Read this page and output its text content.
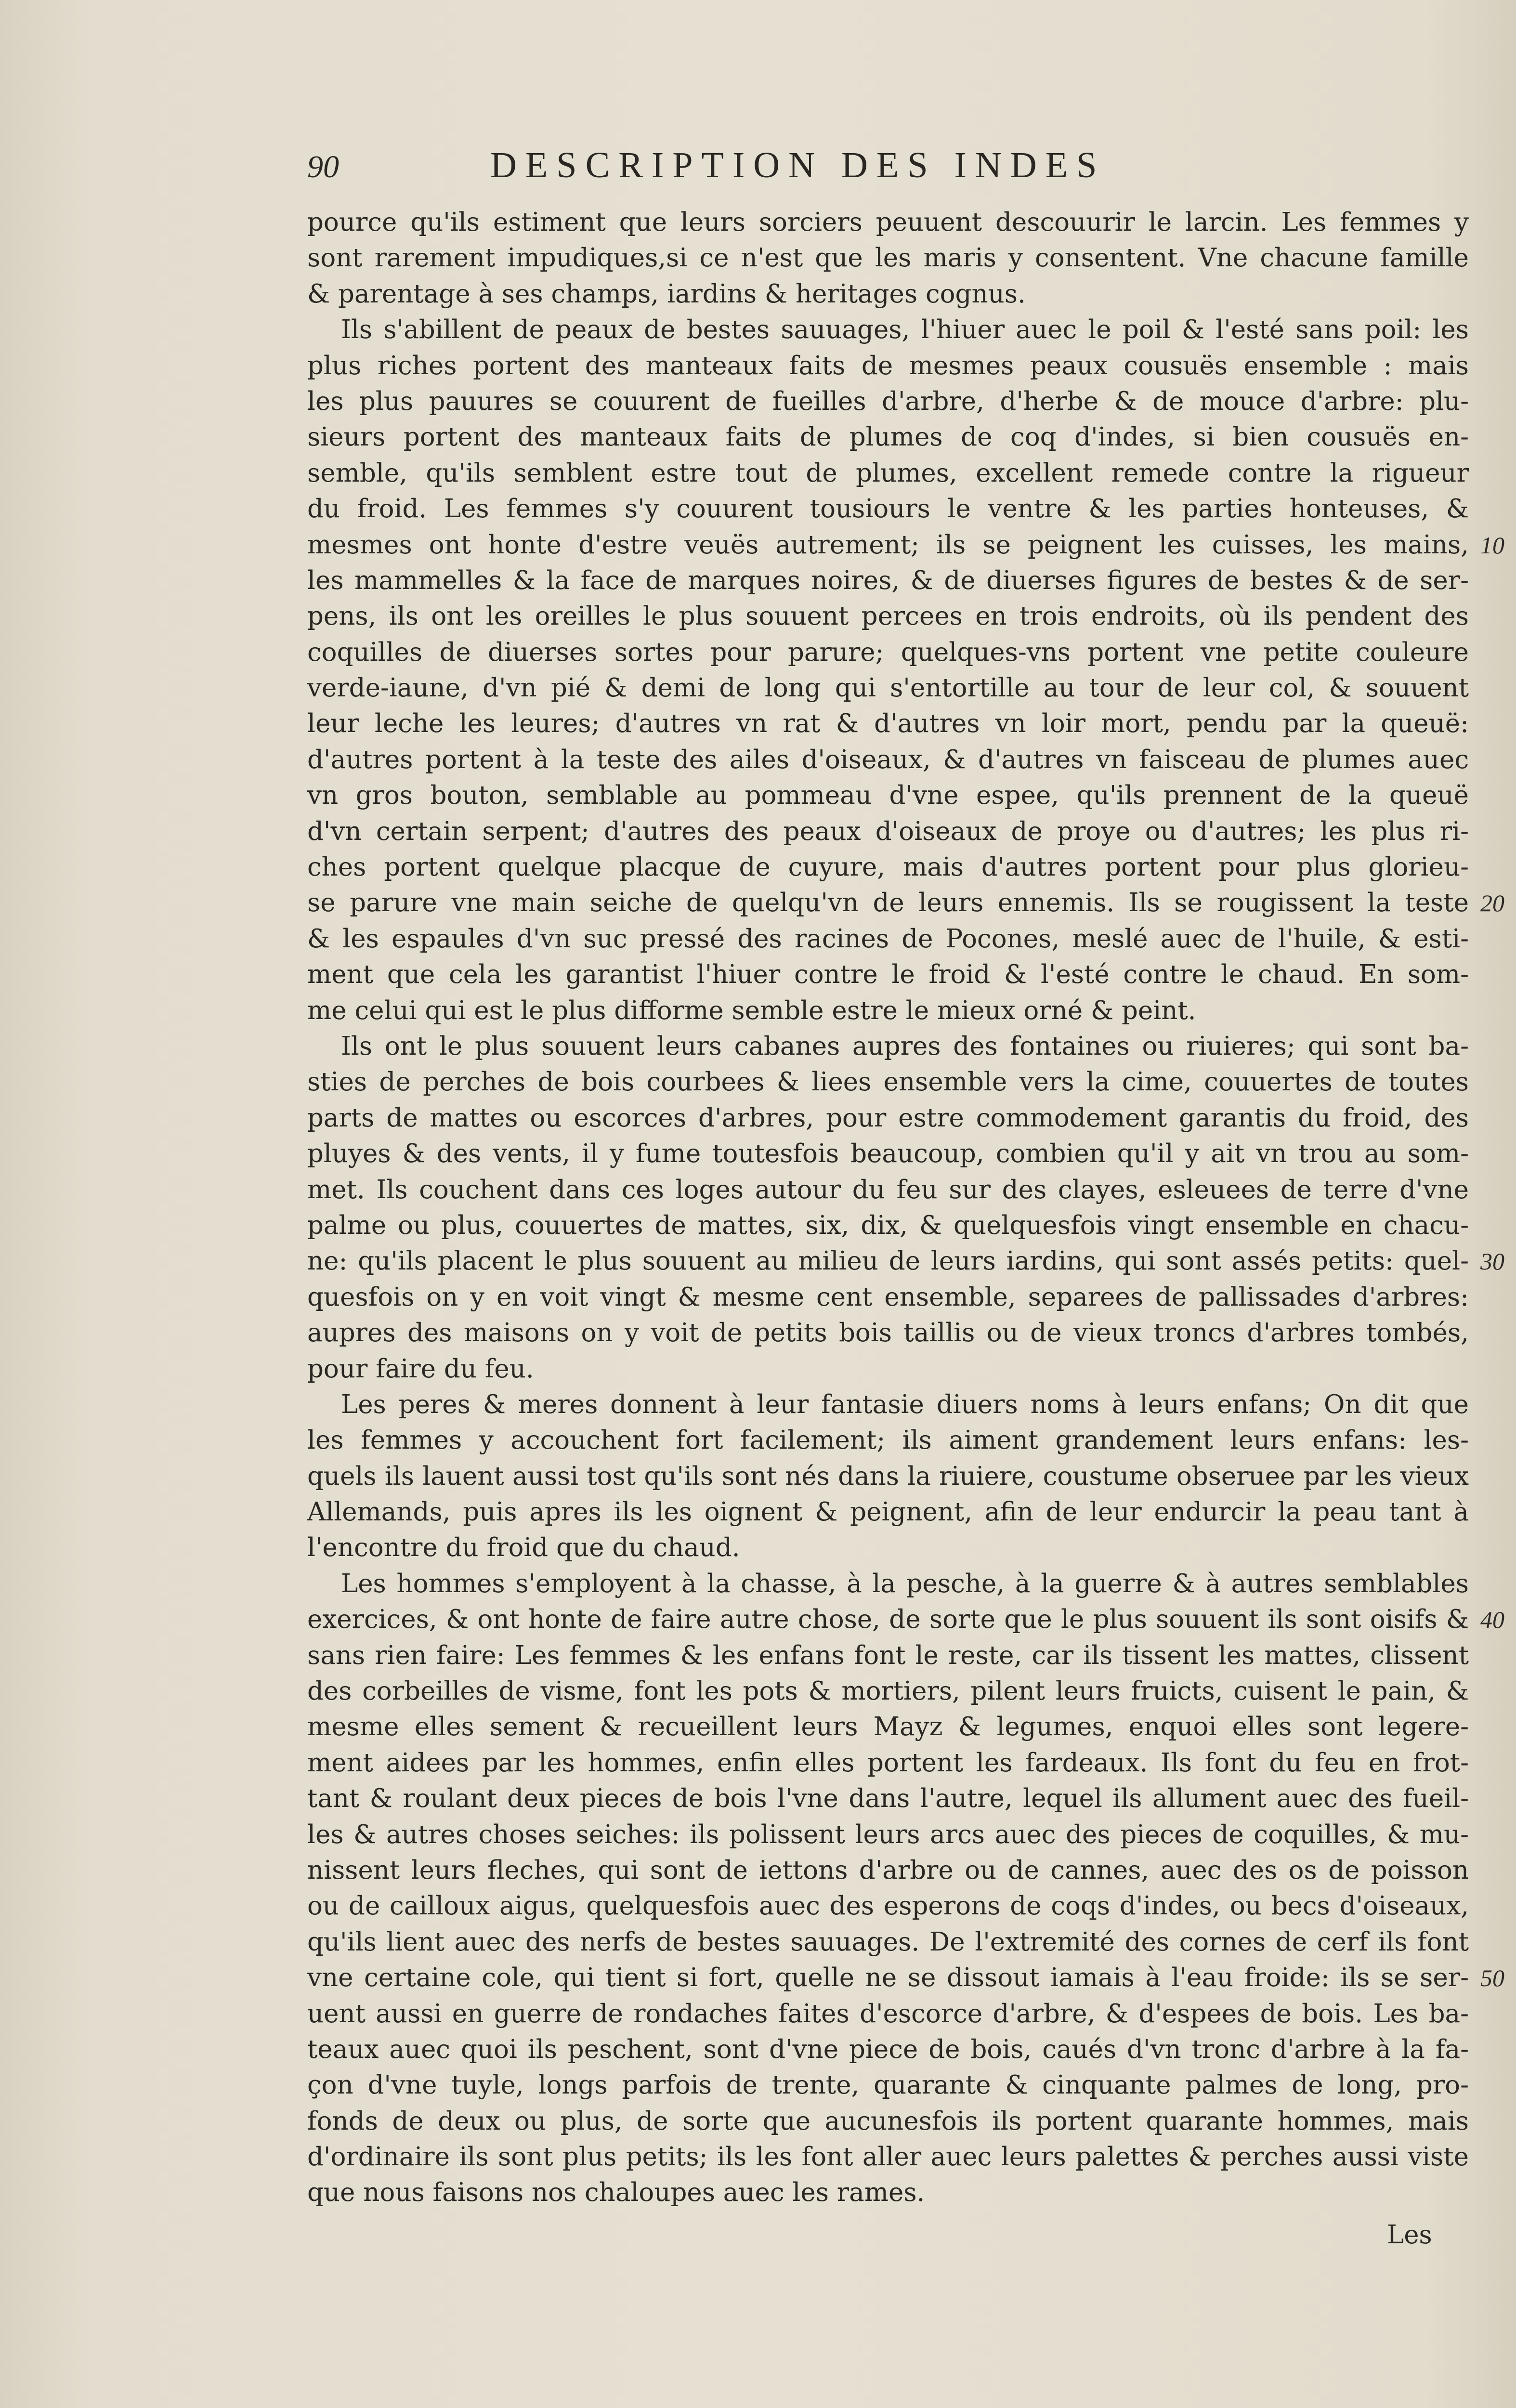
90	DESCRIPTION DES INDES
pource qu'ils estiment que leurs sorciers peuuent descouurir le larcin. Les femmes y
sont rarement impudiques,si ce n'est que les maris y consentent. Vne chacune famille
& parentage à ses champs, iardins & heritages cognus.
Ils s'abillent de peaux de bestes sauuages, l'hiuer auec le poil & l'esté sans poil: les
plus riches portent des manteaux faits de mesmes peaux cousuës ensemble : mais
les plus pauures se couurent de fueilles d'arbre, d'herbe & de mouce d'arbre: plu-
sieurs portent des manteaux faits de plumes de coq d'indes, si bien cousuës en-
semble, qu'ils semblent estre tout de plumes, excellent remede contre la rigueur
du froid. Les femmes s'y couurent tousiours le ventre & les parties honteuses, &
mesmes ont honte d'estre veuës autrement; ils se peignent les cuisses, les mains, 10
les mammelles & la face de marques noires, & de diuerses figures de bestes & de ser-
pens, ils ont les oreilles le plus souuent percees en trois endroits, où ils pendent des
coquilles de diuerses sortes pour parure; quelques-vns portent vne petite couleure
verde-iaune, d'vn pié & demi de long qui s'entortille au tour de leur col, & souuent
leur leche les leures; d'autres vn rat & d'autres vn loir mort, pendu par la queuë:
d'autres portent à la teste des ailes d'oiseaux, & d'autres vn faisceau de plumes auec
vn gros bouton, semblable au pommeau d'vne espee, qu'ils prennent de la queuë
d'vn certain serpent; d'autres des peaux d'oiseaux de proye ou d'autres; les plus ri-
ches portent quelque placque de cuyure, mais d'autres portent pour plus glorieu-
se parure vne main seiche de quelqu'vn de leurs ennemis. Ils se rougissent la teste 20
& les espaules d'vn suc pressé des racines de Pocones, meslé auec de l'huile, & esti-
ment que cela les garantist l'hiuer contre le froid & l'esté contre le chaud. En som-
me celui qui est le plus difforme semble estre le mieux orné & peint.
Ils ont le plus souuent leurs cabanes aupres des fontaines ou riuieres; qui sont ba-
sties de perches de bois courbees & liees ensemble vers la cime, couuertes de toutes
parts de mattes ou escorces d'arbres, pour estre commodement garantis du froid, des
pluyes & des vents, il y fume toutesfois beaucoup, combien qu'il y ait vn trou au som-
met. Ils couchent dans ces loges autour du feu sur des clayes, esleuees de terre d'vne
palme ou plus, couuertes de mattes, six, dix, & quelquesfois vingt ensemble en chacu-
ne: qu'ils placent le plus souuent au milieu de leurs iardins, qui sont assés petits: quel- 30
quesfois on y en voit vingt & mesme cent ensemble, separees de pallissades d'arbres:
aupres des maisons on y voit de petits bois taillis ou de vieux troncs d'arbres tombés,
pour faire du feu.
Les peres & meres donnent à leur fantasie diuers noms à leurs enfans; On dit que
les femmes y accouchent fort facilement; ils aiment grandement leurs enfans: les-
quels ils lauent aussi tost qu'ils sont nés dans la riuiere, coustume obseruee par les vieux
Allemands, puis apres ils les oignent & peignent, afin de leur endurcir la peau tant à
l'encontre du froid que du chaud.
Les hommes s'employent à la chasse, à la pesche, à la guerre & à autres semblables
exercices, & ont honte de faire autre chose, de sorte que le plus souuent ils sont oisifs & 40
sans rien faire: Les femmes & les enfans font le reste, car ils tissent les mattes, clissent
des corbeilles de visme, font les pots & mortiers, pilent leurs fruicts, cuisent le pain, &
mesme elles sement & recueillent leurs Mayz & legumes, enquoi elles sont legere-
ment aidees par les hommes, enfin elles portent les fardeaux. Ils font du feu en frot-
tant & roulant deux pieces de bois l'vne dans l'autre, lequel ils allument auec des fueil-
les & autres choses seiches: ils polissent leurs arcs auec des pieces de coquilles, & mu-
nissent leurs fleches, qui sont de iettons d'arbre ou de cannes, auec des os de poisson
ou de cailloux aigus, quelquesfois auec des esperons de coqs d'indes, ou becs d'oiseaux,
qu'ils lient auec des nerfs de bestes sauuages. De l'extremité des cornes de cerf ils font
vne certaine cole, qui tient si fort, quelle ne se dissout iamais à l'eau froide: ils se ser- 50
uent aussi en guerre de rondaches faites d'escorce d'arbre, & d'espees de bois. Les ba-
teaux auec quoi ils peschent, sont d'vne piece de bois, caués d'vn tronc d'arbre à la fa-
çon d'vne tuyle, longs parfois de trente, quarante & cinquante palmes de long, pro-
fonds de deux ou plus, de sorte que aucunesfois ils portent quarante hommes, mais
d'ordinaire ils sont plus petits; ils les font aller auec leurs palettes & perches aussi viste
que nous faisons nos chaloupes auec les rames.
Les
